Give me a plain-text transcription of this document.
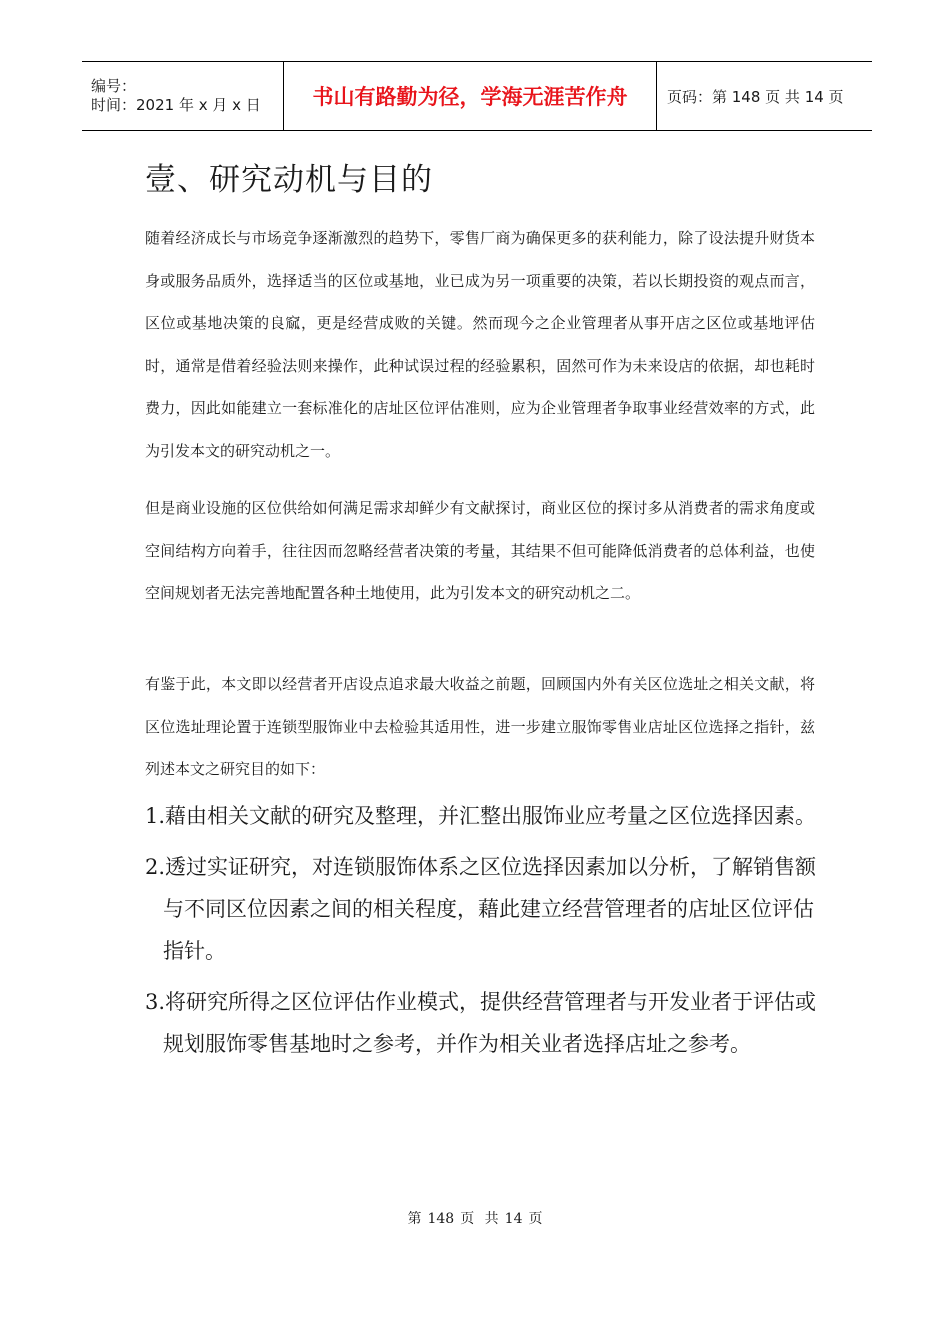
编号：
时间：2021 年 x 月 x 日	书山有路勤为径，学海无涯苦作舟	页码：第 148 页 共 14 页
壹、研究动机与目的
随着经济成长与市场竞争逐渐激烈的趋势下，零售厂商为确保更多的获利能力，除了设法提升财货本身或服务品质外，选择适当的区位或基地，业已成为另一项重要的决策，若以长期投资的观点而言，区位或基地决策的良窳，更是经营成败的关键。然而现今之企业管理者从事开店之区位或基地评估时，通常是借着经验法则来操作，此种试误过程的经验累积，固然可作为未来设店的依据，却也耗时费力，因此如能建立一套标准化的店址区位评估准则，应为企业管理者争取事业经营效率的方式，此为引发本文的研究动机之一。
但是商业设施的区位供给如何满足需求却鲜少有文献探讨，商业区位的探讨多从消费者的需求角度或空间结构方向着手，往往因而忽略经营者决策的考量，其结果不但可能降低消费者的总体利益，也使空间规划者无法完善地配置各种土地使用，此为引发本文的研究动机之二。
有鉴于此，本文即以经营者开店设点追求最大收益之前题，回顾国内外有关区位选址之相关文献，将区位选址理论置于连锁型服饰业中去检验其适用性，进一步建立服饰零售业店址区位选择之指针，兹列述本文之研究目的如下：
1.藉由相关文献的研究及整理，并汇整出服饰业应考量之区位选择因素。
2.透过实证研究，对连锁服饰体系之区位选择因素加以分析，了解销售额与不同区位因素之间的相关程度，藉此建立经营管理者的店址区位评估指针。
3.将研究所得之区位评估作业模式，提供经营管理者与开发业者于评估或规划服饰零售基地时之参考，并作为相关业者选择店址之参考。
第 148 页 共 14 页
